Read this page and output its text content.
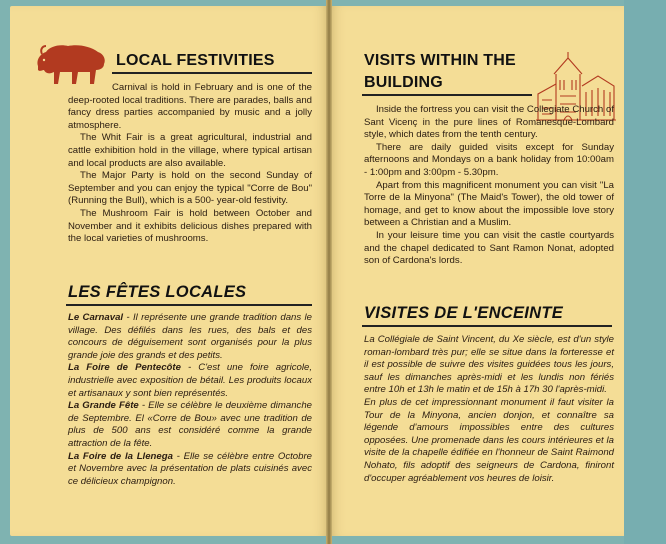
LOCAL FESTIVITIES

Carnival is hold in February and is one of the deep-rooted local traditions. There are parades, balls and fancy dress parties accompanied by music and a jolly atmosphere.

The Whit Fair is a great agricultural, industrial and cattle exhibition hold in the village, where typical artisan and local products are also available.

The Major Party is hold on the second Sunday of September and you can enjoy the typical "Corre de Bou" (Running the Bull), which is a 500- year-old festivity.

The Mushroom Fair is hold between October and November and it exhibits delicious dishes prepared with the local varieties of mushrooms.

LES FÊTES LOCALES

Le Carnaval - Il représente une grande tradition dans le village. Des défilés dans les rues, des bals et des concours de déguisement sont organisés pour la plus grande joie des grands et des petits.

La Foire de Pentecôte - C'est une foire agricole, industrielle avec exposition de bétail. Les produits locaux et artisanaux y sont bien représentés.

La Grande Fête - Elle se célèbre le deuxième dimanche de Septembre. El «Corre de Bou» avec une tradition de plus de 500 ans est considéré comme la grande attraction de la fête.

La Foire de la Llenega - Elle se célèbre entre Octobre et Novembre avec la présentation de plats cuisinés avec ce délicieux champignon.

VISITS WITHIN THE
BUILDING

Inside the fortress you can visit the Collegiate Church of Sant Vicenç in the pure lines of Romanesque-Lombard style, which dates from the tenth century.

There are daily guided visits except for Sunday afternoons and Mondays on a bank holiday from 10:00am - 1:00pm and 3:00pm - 5.30pm.

Apart from this magnificent monument you can visit "La Torre de la Minyona" (The Maid's Tower), the old tower of homage, and get to know about the impossible love story between a Christian and a Muslim.

In your leisure time you can visit the castle courtyards and the chapel dedicated to Sant Ramon Nonat, adopted son of Cardona's lords.

VISITES DE L'ENCEINTE

La Collégiale de Saint Vincent, du Xe siècle, est d'un style roman-lombard très pur; elle se situe dans la forteresse et il est possible de suivre des visites guidées tous les jours, sauf les dimanches après-midi et les lundis non fériés entre 10h et 13h le matin et de 15h à 17h 30 l'après-midi.

En plus de cet impressionnant monument il faut visiter la Tour de la Minyona, ancien donjon, et connaître sa légende d'amours impossibles entre des cultures opposées. Une promenade dans les cours intérieures et la visite de la chapelle édifiée en l'honneur de Saint Raimond Nohato, fils adoptif des seigneurs de Cardona, finiront d'occuper agréablement vos heures de loisir.
